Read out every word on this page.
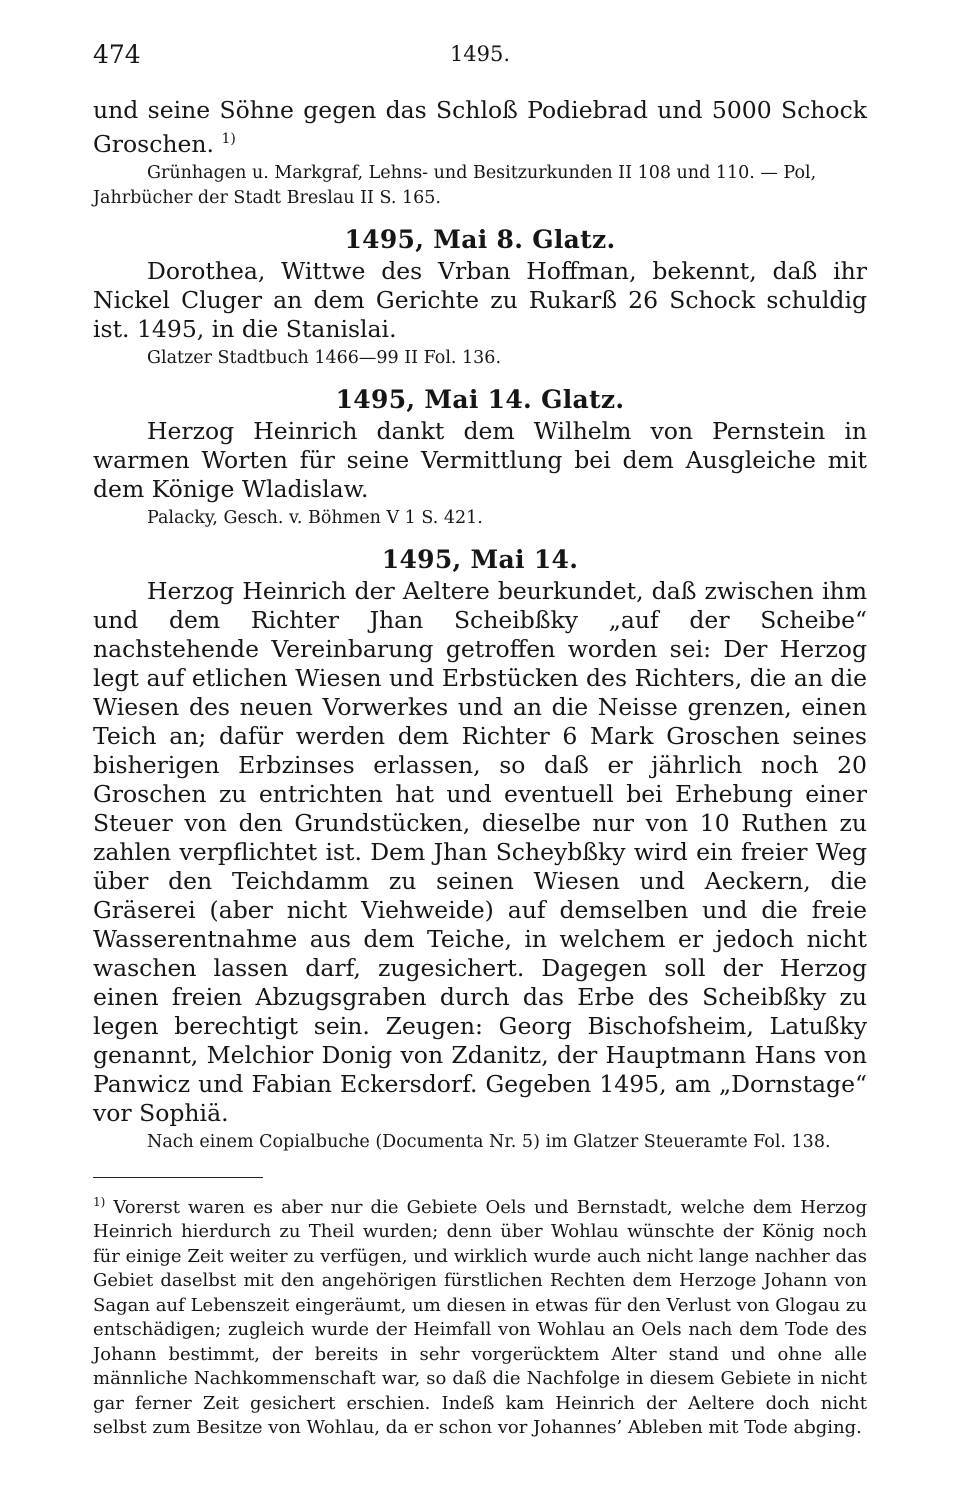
474	1495.

und seine Söhne gegen das Schloß Podiebrad und 5000 Schock Groschen. $^{1)}$

Grünhagen u. Markgraf, Lehns- und Besitzurkunden II 108 und 110. — Pol, Jahrbücher der Stadt Breslau II S. 165.

1495, Mai 8. Glatz.

Dorothea, Wittwe des Vrban Hoffman, bekennt, daß ihr Nickel Cluger an dem Gerichte zu Rukarß 26 Schock schuldig ist. 1495, in die Stanislai.

Glatzer Stadtbuch 1466—99 II Fol. 136.

1495, Mai 14. Glatz.

Herzog Heinrich dankt dem Wilhelm von Pernstein in warmen Worten für seine Vermittlung bei dem Ausgleiche mit dem Könige Wladislaw.

Palacky, Gesch. v. Böhmen V 1 S. 421.

1495, Mai 14.

Herzog Heinrich der Aeltere beurkundet, daß zwischen ihm und dem Richter Jhan Scheibßky „auf der Scheibe“ nachstehende Vereinbarung getroffen worden sei: Der Herzog legt auf etlichen Wiesen und Erbstücken des Richters, die an die Wiesen des neuen Vorwerkes und an die Neisse grenzen, einen Teich an; dafür werden dem Richter 6 Mark Groschen seines bisherigen Erbzinses erlassen, so daß er jährlich noch 20 Groschen zu entrichten hat und eventuell bei Erhebung einer Steuer von den Grundstücken, dieselbe nur von 10 Ruthen zu zahlen verpflichtet ist. Dem Jhan Scheybßky wird ein freier Weg über den Teichdamm zu seinen Wiesen und Aeckern, die Gräserei (aber nicht Viehweide) auf demselben und die freie Wasserentnahme aus dem Teiche, in welchem er jedoch nicht waschen lassen darf, zugesichert. Dagegen soll der Herzog einen freien Abzugsgraben durch das Erbe des Scheibßky zu legen berechtigt sein. Zeugen: Georg Bischofsheim, Latußky genannt, Melchior Donig von Zdanitz, der Hauptmann Hans von Panwicz und Fabian Eckersdorf. Gegeben 1495, am „Dornstage“ vor Sophiä.

Nach einem Copialbuche (Documenta Nr. 5) im Glatzer Steueramte Fol. 138.

$^{1)}$ Vorerst waren es aber nur die Gebiete Oels und Bernstadt, welche dem Herzog Heinrich hierdurch zu Theil wurden; denn über Wohlau wünschte der König noch für einige Zeit weiter zu verfügen, und wirklich wurde auch nicht lange nachher das Gebiet daselbst mit den angehörigen fürstlichen Rechten dem Herzoge Johann von Sagan auf Lebenszeit eingeräumt, um diesen in etwas für den Verlust von Glogau zu entschädigen; zugleich wurde der Heimfall von Wohlau an Oels nach dem Tode des Johann bestimmt, der bereits in sehr vorgerücktem Alter stand und ohne alle männliche Nachkommenschaft war, so daß die Nachfolge in diesem Gebiete in nicht gar ferner Zeit gesichert erschien. Indeß kam Heinrich der Aeltere doch nicht selbst zum Besitze von Wohlau, da er schon vor Johannes’ Ableben mit Tode abging.
